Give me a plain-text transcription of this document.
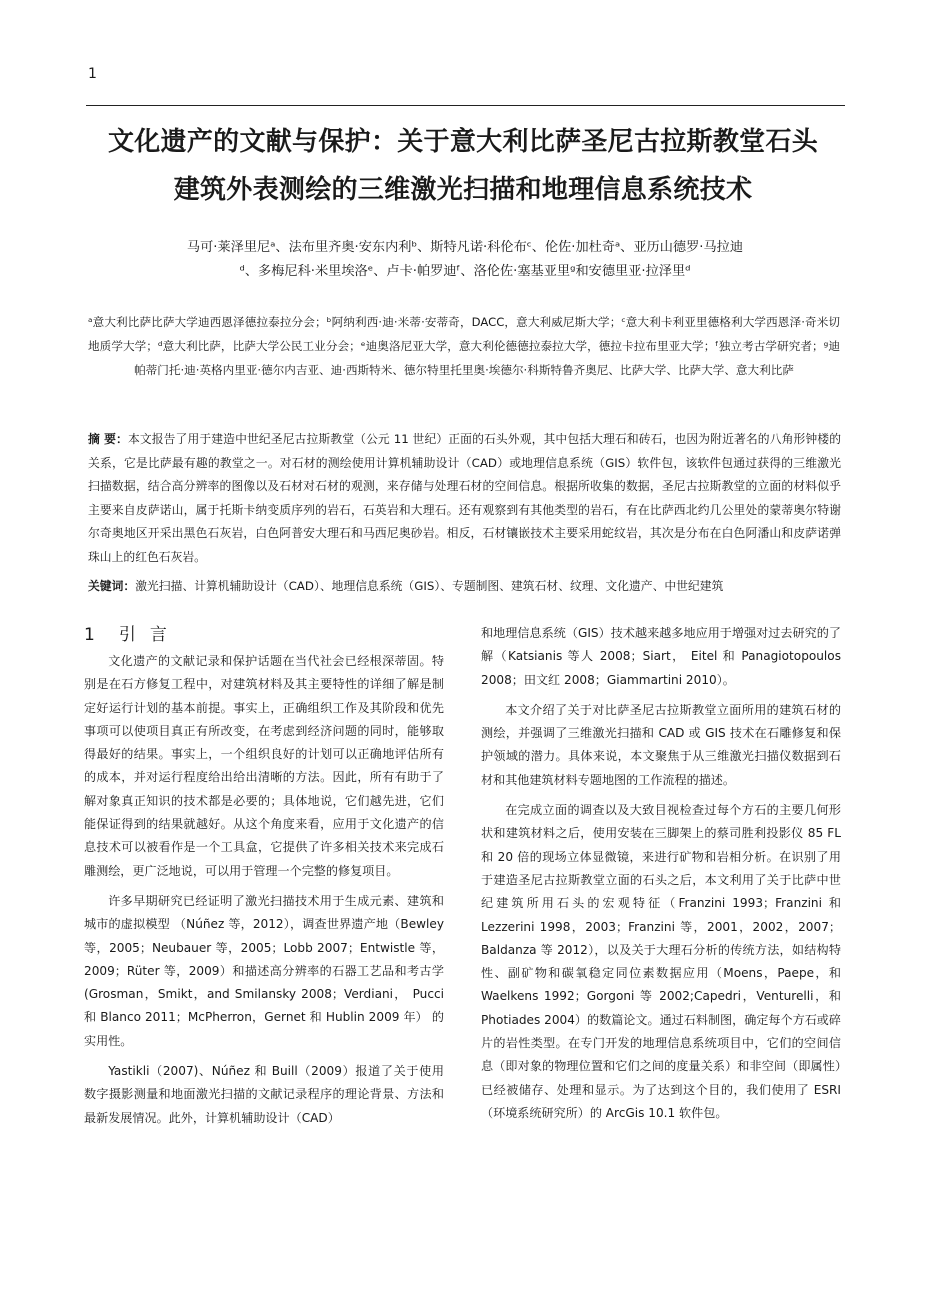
1
文化遗产的文献与保护：关于意大利比萨圣尼古拉斯教堂石头
建筑外表测绘的三维激光扫描和地理信息系统技术
马可·莱泽里尼ᵃ、法布里齐奥·安东内利ᵇ、斯特凡诺·科伦布ᶜ、伦佐·加杜奇ᵃ、亚历山德罗·马拉迪
ᵈ、多梅尼科·米里埃洛ᵉ、卢卡·帕罗迪ᶠ、洛伦佐·塞基亚里ᵍ和安德里亚·拉泽里ᵈ
ᵃ意大利比萨比萨大学迪西恩泽德拉泰拉分会；ᵇ阿纳利西·迪·米蒂·安蒂奇，DACC，意大利威尼斯大学；ᶜ意大利卡利亚里德格利大学西恩泽·奇米切地质学大学；ᵈ意大利比萨，比萨大学公民工业分会；ᵉ迪奥洛尼亚大学，意大利伦德德拉泰拉大学，德拉卡拉布里亚大学；ᶠ独立考古学研究者；ᵍ迪帕蒂门托·迪·英格内里亚·德尔内吉亚、迪·西斯特米、德尔特里托里奥·埃德尔·科斯特鲁齐奥尼、比萨大学、比萨大学、意大利比萨
摘 要：本文报告了用于建造中世纪圣尼古拉斯教堂（公元 11 世纪）正面的石头外观，其中包括大理石和砖石，也因为附近著名的八角形钟楼的关系，它是比萨最有趣的教堂之一。对石材的测绘使用计算机辅助设计（CAD）或地理信息系统（GIS）软件包，该软件包通过获得的三维激光扫描数据，结合高分辨率的图像以及石材对石材的观测，来存储与处理石材的空间信息。根据所收集的数据，圣尼古拉斯教堂的立面的材料似乎主要来自皮萨诺山，属于托斯卡纳变质序列的岩石，石英岩和大理石。还有观察到有其他类型的岩石，有在比萨西北约几公里处的蒙蒂奥尔特谢尔奇奥地区开采出黑色石灰岩，白色阿普安大理石和马西尼奥砂岩。相反，石材镶嵌技术主要采用蛇纹岩，其次是分布在白色阿潘山和皮萨诺弹珠山上的红色石灰岩。
关键词：激光扫描、计算机辅助设计（CAD）、地理信息系统（GIS）、专题制图、建筑石材、纹理、文化遗产、中世纪建筑
1 引言

文化遗产的文献记录和保护话题在当代社会已经根深蒂固。特别是在石方修复工程中，对建筑材料及其主要特性的详细了解是制定好运行计划的基本前提。事实上，正确组织工作及其阶段和优先事项可以使项目真正有所改变，在考虑到经济问题的同时，能够取得最好的结果。事实上，一个组织良好的计划可以正确地评估所有的成本，并对运行程度给出给出清晰的方法。因此，所有有助于了解对象真正知识的技术都是必要的；具体地说，它们越先进，它们能保证得到的结果就越好。从这个角度来看，应用于文化遗产的信息技术可以被看作是一个工具盒，它提供了许多相关技术来完成石雕测绘，更广泛地说，可以用于管理一个完整的修复项目。

许多早期研究已经证明了激光扫描技术用于生成元素、建筑和城市的虚拟模型 （Núñez 等，2012），调查世界遗产地（Bewley 等，2005；Neubauer 等，2005；Lobb 2007；Entwistle 等，2009；Rüter 等，2009）和描述高分辨率的石器工艺品和考古学(Grosman，Smikt，and Smilansky 2008；Verdiani， Pucci 和 Blanco 2011；McPherron，Gernet 和 Hublin 2009 年） 的实用性。

Yastikli（2007)、Núñez 和 Buill（2009）报道了关于使用数字摄影测量和地面激光扫描的文献记录程序的理论背景、方法和最新发展情况。此外，计算机辅助设计（CAD）

和地理信息系统（GIS）技术越来越多地应用于增强对过去研究的了解（Katsianis 等人 2008；Siart， Eitel 和 Panagiotopoulos 2008；田文红 2008；Giammartini 2010）。

本文介绍了关于对比萨圣尼古拉斯教堂立面所用的建筑石材的测绘，并强调了三维激光扫描和 CAD 或 GIS 技术在石雕修复和保护领域的潜力。具体来说，本文聚焦于从三维激光扫描仪数据到石材和其他建筑材料专题地图的工作流程的描述。

在完成立面的调查以及大致目视检查过每个方石的主要几何形状和建筑材料之后，使用安装在三脚架上的蔡司胜利投影仪 85 FL 和 20 倍的现场立体显微镜，来进行矿物和岩相分析。在识别了用于建造圣尼古拉斯教堂立面的石头之后，本文利用了关于比萨中世纪建筑所用石头的宏观特征（Franzini 1993；Franzini 和 Lezzerini 1998，2003；Franzini 等，2001，2002，2007；Baldanza 等 2012），以及关于大理石分析的传统方法，如结构特性、副矿物和碳氧稳定同位素数据应用（Moens，Paepe，和 Waelkens 1992；Gorgoni 等 2002;Capedri，Venturelli，和 Photiades 2004）的数篇论文。通过石料制图，确定每个方石或碎片的岩性类型。在专门开发的地理信息系统项目中，它们的空间信息（即对象的物理位置和它们之间的度量关系）和非空间（即属性）已经被储存、处理和显示。为了达到这个目的，我们使用了 ESRI（环境系统研究所）的 ArcGis 10.1 软件包。
